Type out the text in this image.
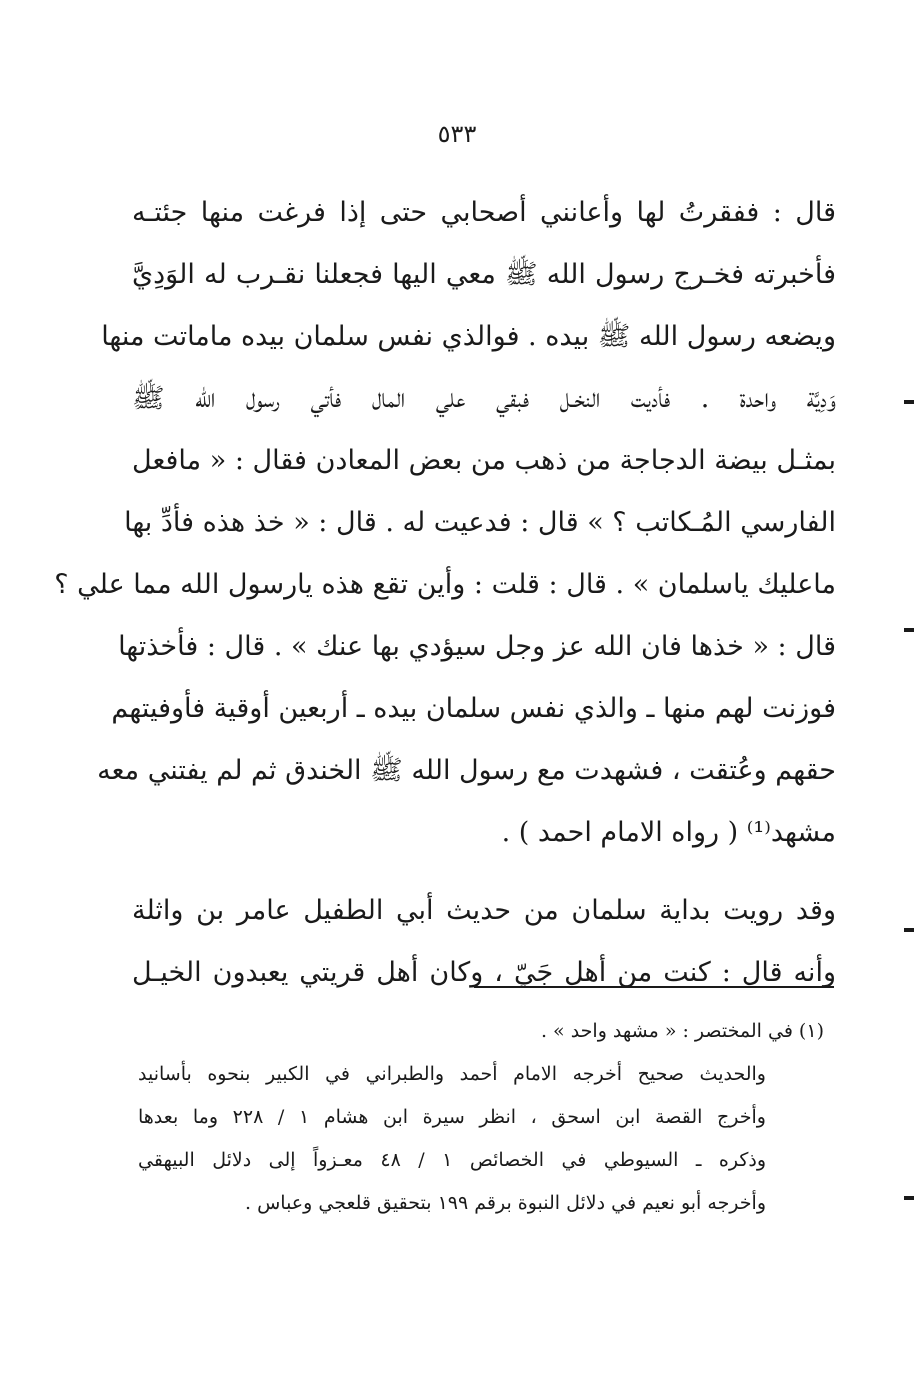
٥٣٣
قال : ففقرتُ لها وأعانني أصحابي حتى إذا فرغت منها جئتـه
فأخبرته فخـرج رسول الله ﷺ معي اليها فجعلنا نقـرب له الوَدِيَّ
ويضعه رسول الله ﷺ بيده . فوالذي نفس سلمان بيده ماماتت منها
وَدِيَّة واحدة . فأديت النخـل فبقي علي المال فأتي رسول الله ﷺ
بمثـل بيضة الدجاجة من ذهب من بعض المعادن فقال : « مافعل
الفارسي المُـكاتب ؟ » قال : فدعيت له . قال : « خذ هذه فأدِّ بها
ماعليك ياسلمان » . قال : قلت : وأين تقع هذه يارسول الله مما علي ؟
قال : « خذها فان الله عز وجل سيؤدي بها عنك » . قال : فأخذتها
فوزنت لهم منها ـ والذي نفس سلمان بيده ـ أربعين أوقية فأوفيتهم
حقهم وعُتقت ، فشهدت مع رسول الله ﷺ الخندق ثم لم يفتني معه
مشهد⁽¹⁾ ( رواه الامام احمد ) .
وقد رويت بداية سلمان من حديث أبي الطفيل عامر بن واثلة
وأنه قال : كنت من أهل جَيّ ، وكان أهل قريتي يعبدون الخيـل
(١) في المختصر : « مشهد واحد » .
والحديث صحيح أخرجه الامام أحمد والطبراني في الكبير بنحوه بأسانيد
وأخرج القصة ابن اسحق ، انظر سيرة ابن هشام ١ / ٢٢٨ وما بعدها
وذكره ـ السيوطي في الخصائص ١ / ٤٨ معـزواً إلى دلائل البيهقي
وأخرجه أبو نعيم في دلائل النبوة برقم ١٩٩ بتحقيق قلعجي وعباس .
